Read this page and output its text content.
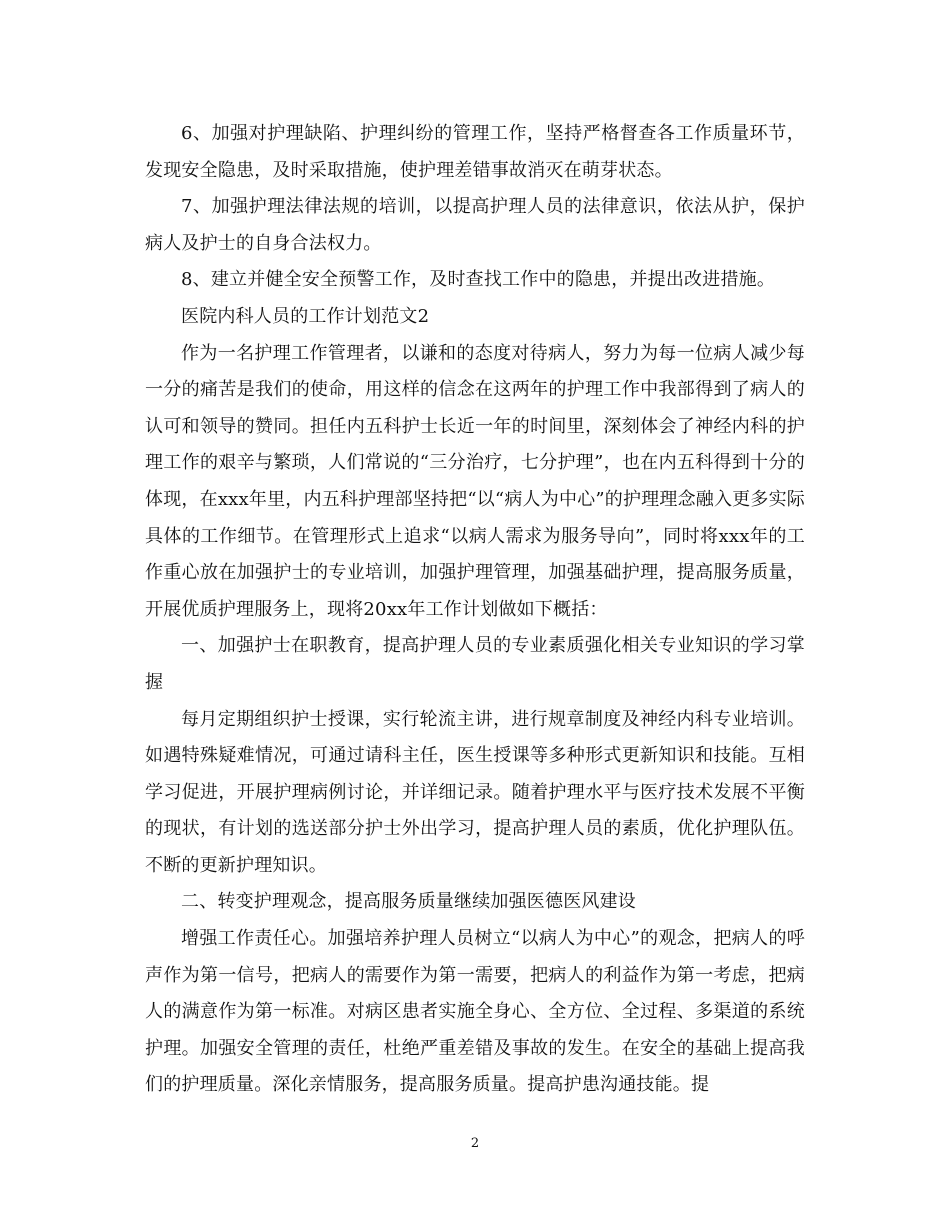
6、加强对护理缺陷、护理纠纷的管理工作，坚持严格督查各工作质量环节，发现安全隐患，及时采取措施，使护理差错事故消灭在萌芽状态。

7、加强护理法律法规的培训，以提高护理人员的法律意识，依法从护，保护病人及护士的自身合法权力。

8、建立并健全安全预警工作，及时查找工作中的隐患，并提出改进措施。

医院内科人员的工作计划范文2

作为一名护理工作管理者，以谦和的态度对待病人，努力为每一位病人减少每一分的痛苦是我们的使命，用这样的信念在这两年的护理工作中我部得到了病人的认可和领导的赞同。担任内五科护士长近一年的时间里，深刻体会了神经内科的护理工作的艰辛与繁琐，人们常说的“三分治疗，七分护理”，也在内五科得到十分的体现，在xxx年里，内五科护理部坚持把“以“病人为中心”的护理理念融入更多实际具体的工作细节。在管理形式上追求“以病人需求为服务导向”，同时将xxx年的工作重心放在加强护士的专业培训，加强护理管理，加强基础护理，提高服务质量，开展优质护理服务上，现将20xx年工作计划做如下概括：

一、加强护士在职教育，提高护理人员的专业素质强化相关专业知识的学习掌握

每月定期组织护士授课，实行轮流主讲，进行规章制度及神经内科专业培训。如遇特殊疑难情况，可通过请科主任，医生授课等多种形式更新知识和技能。互相学习促进，开展护理病例讨论，并详细记录。随着护理水平与医疗技术发展不平衡的现状，有计划的选送部分护士外出学习，提高护理人员的素质，优化护理队伍。不断的更新护理知识。

二、转变护理观念，提高服务质量继续加强医德医风建设

增强工作责任心。加强培养护理人员树立“以病人为中心”的观念，把病人的呼声作为第一信号，把病人的需要作为第一需要，把病人的利益作为第一考虑，把病人的满意作为第一标准。对病区患者实施全身心、全方位、全过程、多渠道的系统护理。加强安全管理的责任，杜绝严重差错及事故的发生。在安全的基础上提高我们的护理质量。深化亲情服务，提高服务质量。提高护患沟通技能。提

2
